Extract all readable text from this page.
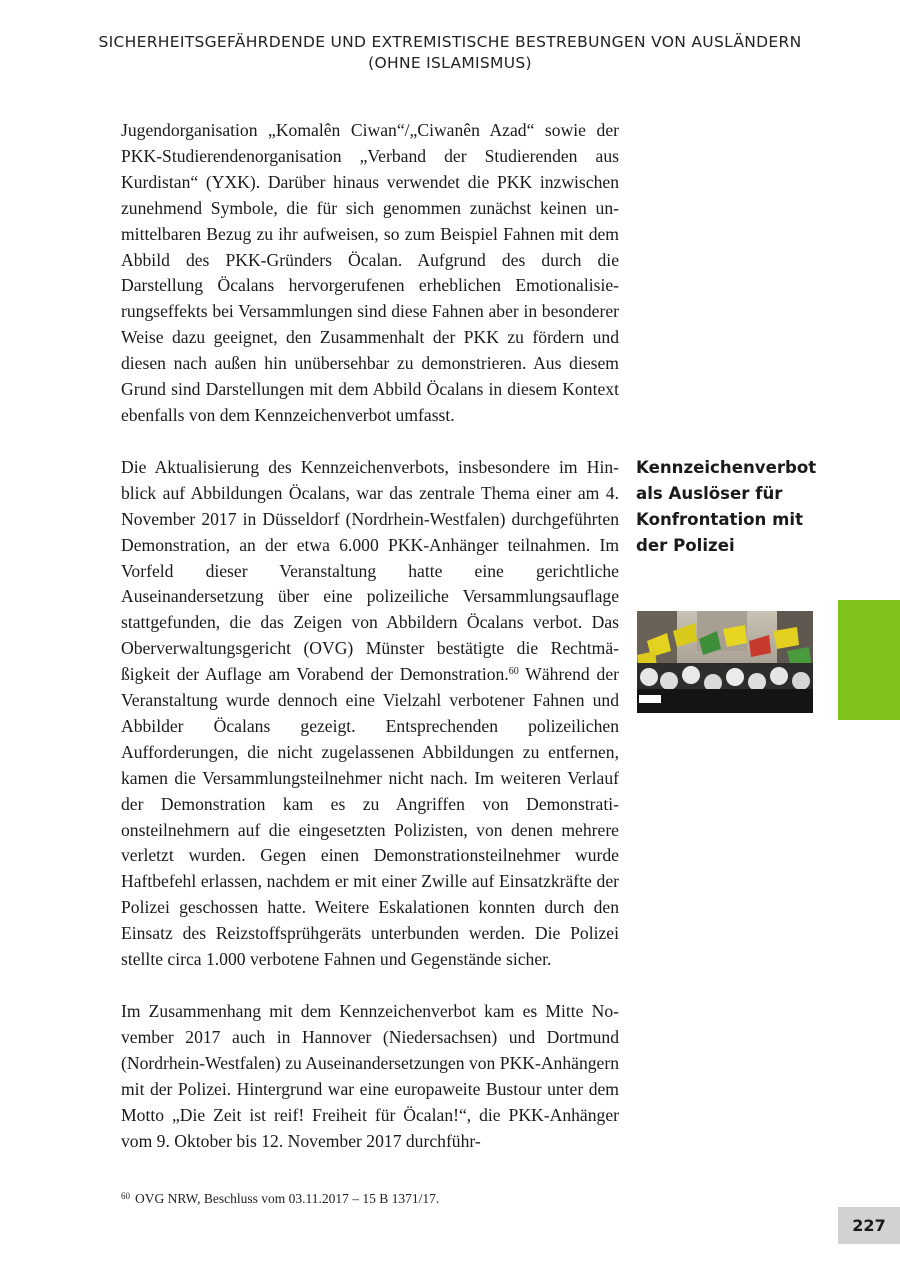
SICHERHEITSGEFÄHRDENDE UND EXTREMISTISCHE BESTREBUNGEN VON AUSLÄNDERN
(OHNE ISLAMISMUS)

Jugendorganisation „Komalên Ciwan“/„Ciwanên Azad“ sowie der PKK-Studierendenorganisation „Verband der Studierenden aus Kurdistan“ (YXK). Darüber hinaus verwendet die PKK inzwischen zunehmend Symbole, die für sich genommen zunächst keinen unmittelbaren Bezug zu ihr aufweisen, so zum Beispiel Fahnen mit dem Abbild des PKK-Gründers Öcalan. Aufgrund des durch die Darstellung Öcalans hervorgerufenen erheblichen Emotionalisierungseffekts bei Versammlungen sind diese Fahnen aber in besonderer Weise dazu geeignet, den Zusammenhalt der PKK zu fördern und diesen nach außen hin unübersehbar zu demonstrieren. Aus diesem Grund sind Darstellungen mit dem Abbild Öcalans in diesem Kontext ebenfalls von dem Kennzeichenverbot umfasst.

Die Aktualisierung des Kennzeichenverbots, insbesondere im Hinblick auf Abbildungen Öcalans, war das zentrale Thema einer am 4. November 2017 in Düsseldorf (Nordrhein-Westfalen) durchgeführten Demonstration, an der etwa 6.000 PKK-Anhänger teilnahmen. Im Vorfeld dieser Veranstaltung hatte eine gerichtliche Auseinandersetzung über eine polizeiliche Versammlungsauflage stattgefunden, die das Zeigen von Abbildern Öcalans verbot. Das Oberverwaltungsgericht (OVG) Münster bestätigte die Rechtmäßigkeit der Auflage am Vorabend der Demonstration.$^{60}$ Während der Veranstaltung wurde dennoch eine Vielzahl verbotener Fahnen und Abbilder Öcalans gezeigt. Entsprechenden polizeilichen Aufforderungen, die nicht zugelassenen Abbildungen zu entfernen, kamen die Versammlungsteilnehmer nicht nach. Im weiteren Verlauf der Demonstration kam es zu Angriffen von Demonstrationsteilnehmern auf die eingesetzten Polizisten, von denen mehrere verletzt wurden. Gegen einen Demonstrationsteilnehmer wurde Haftbefehl erlassen, nachdem er mit einer Zwille auf Einsatzkräfte der Polizei geschossen hatte. Weitere Eskalationen konnten durch den Einsatz des Reizstoffsprühgeräts unterbunden werden. Die Polizei stellte circa 1.000 verbotene Fahnen und Gegenstände sicher.

Im Zusammenhang mit dem Kennzeichenverbot kam es Mitte November 2017 auch in Hannover (Niedersachsen) und Dortmund (Nordrhein-Westfalen) zu Auseinandersetzungen von PKK-Anhängern mit der Polizei. Hintergrund war eine europaweite Bustour unter dem Motto „Die Zeit ist reif! Freiheit für Öcalan!“, die PKK-Anhänger vom 9. Oktober bis 12. November 2017 durchführ-

Kennzeichenverbot
als Auslöser für
Konfrontation mit
der Polizei
$^{60}$ OVG NRW, Beschluss vom 03.11.2017 – 15 B 1371/17.
227
